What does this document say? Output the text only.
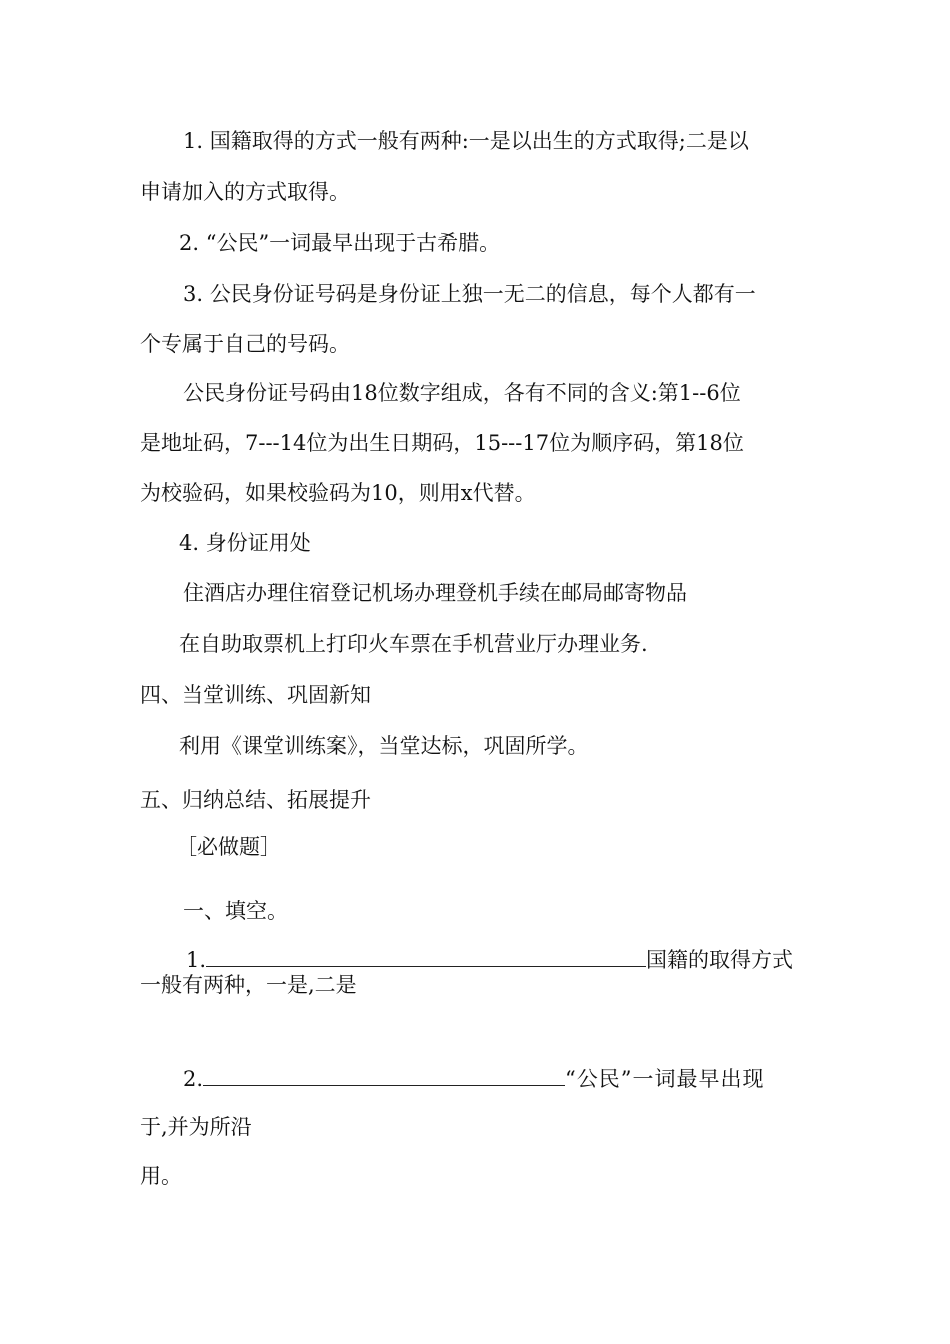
1. 国籍取得的方式一般有两种:一是以出生的方式取得;二是以
申请加入的方式取得。
2. “公民”一词最早出现于古希腊。
3. 公民身份证号码是身份证上独一无二的信息，每个人都有一
个专属于自己的号码。
公民身份证号码由18位数字组成，各有不同的含义:第1--6位
是地址码，7---14位为出生日期码，15---17位为顺序码，第18位
为校验码，如果校验码为10，则用x代替。
4. 身份证用处
住酒店办理住宿登记机场办理登机手续在邮局邮寄物品
在自助取票机上打印火车票在手机营业厅办理业务.
四、当堂训练、巩固新知
利用《课堂训练案》，当堂达标，巩固所学。
五、归纳总结、拓展提升
［必做题］
一、填空。
1.	国籍的取得方式
一般有两种，一是,二是
2.	“公民”一词最早出现
于,并为所沿
用。
